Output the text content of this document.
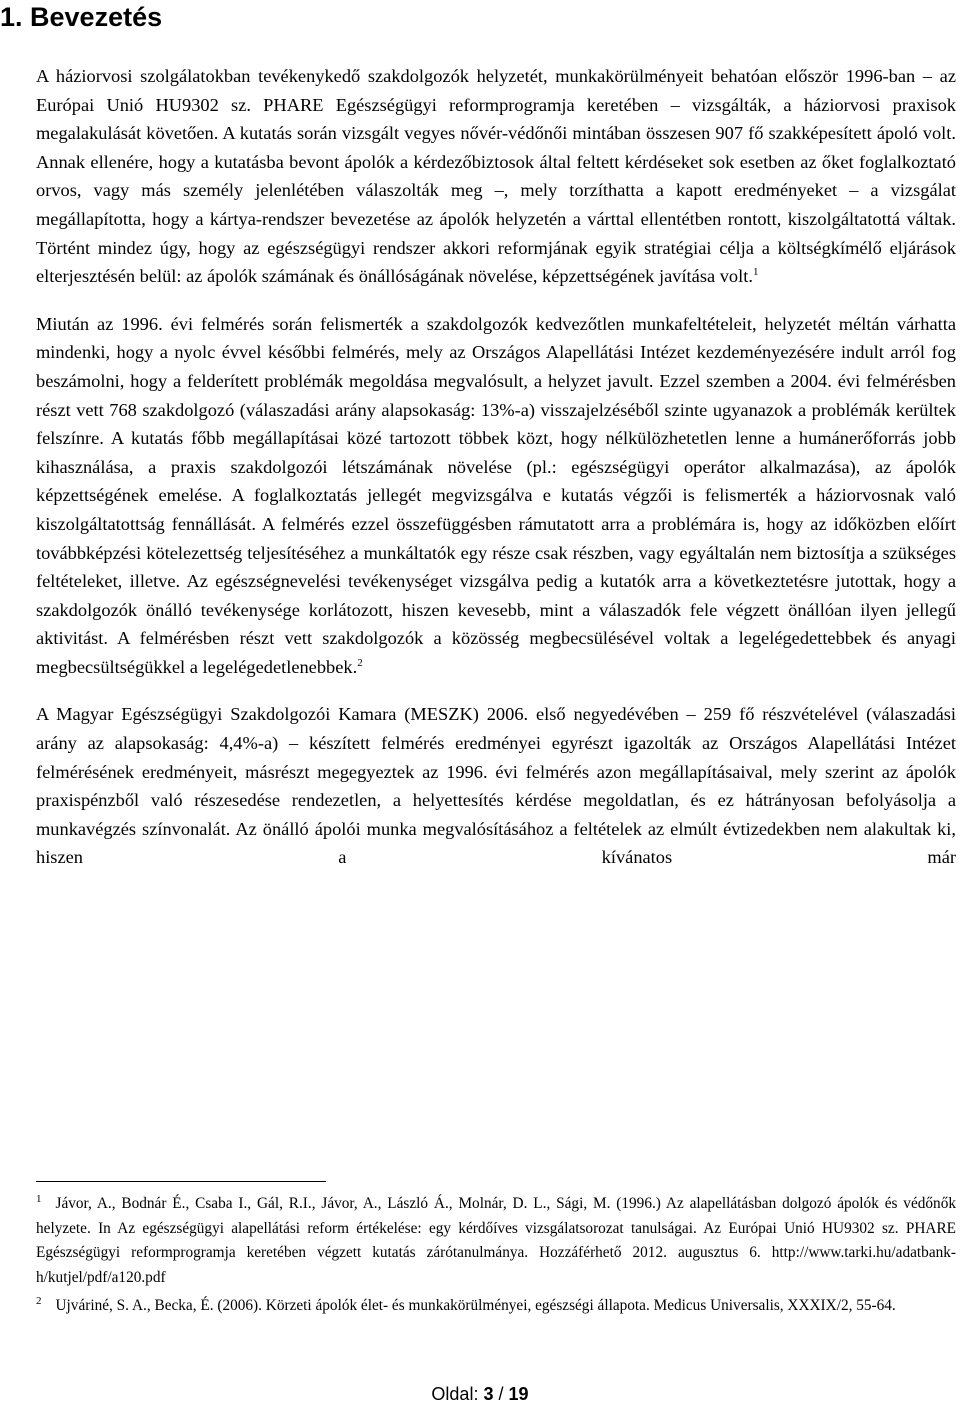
1. Bevezetés

A háziorvosi szolgálatokban tevékenykedő szakdolgozók helyzetét, munkakörülményeit behatóan először 1996-ban – az Európai Unió HU9302 sz. PHARE Egészségügyi reformprogramja keretében – vizsgálták, a háziorvosi praxisok megalakulását követően. A kutatás során vizsgált vegyes nővér-védőnői mintában összesen 907 fő szakképesített ápoló volt. Annak ellenére, hogy a kutatásba bevont ápolók a kérdezőbiztosok által feltett kérdéseket sok esetben az őket foglalkoztató orvos, vagy más személy jelenlétében válaszolták meg –, mely torzíthatta a kapott eredményeket – a vizsgálat megállapította, hogy a kártya-rendszer bevezetése az ápolók helyzetén a várttal ellentétben rontott, kiszolgáltatottá váltak. Történt mindez úgy, hogy az egészségügyi rendszer akkori reformjának egyik stratégiai célja a költségkímélő eljárások elterjesztésén belül: az ápolók számának és önállóságának növelése, képzettségének javítása volt.$^1$

Miután az 1996. évi felmérés során felismerték a szakdolgozók kedvezőtlen munkafeltételeit, helyzetét méltán várhatta mindenki, hogy a nyolc évvel későbbi felmérés, mely az Országos Alapellátási Intézet kezdeményezésére indult arról fog beszámolni, hogy a felderített problémák megoldása megvalósult, a helyzet javult. Ezzel szemben a 2004. évi felmérésben részt vett 768 szakdolgozó (válaszadási arány alapsokaság: 13%-a) visszajelzéséből szinte ugyanazok a problémák kerültek felszínre. A kutatás főbb megállapításai közé tartozott többek közt, hogy nélkülözhetetlen lenne a humánerőforrás jobb kihasználása, a praxis szakdolgozói létszámának növelése (pl.: egészségügyi operátor alkalmazása), az ápolók képzettségének emelése. A foglalkoztatás jellegét megvizsgálva e kutatás végzői is felismerték a háziorvosnak való kiszolgáltatottság fennállását. A felmérés ezzel összefüggésben rámutatott arra a problémára is, hogy az időközben előírt továbbképzési kötelezettség teljesítéséhez a munkáltatók egy része csak részben, vagy egyáltalán nem biztosítja a szükséges feltételeket, illetve. Az egészségnevelési tevékenységet vizsgálva pedig a kutatók arra a következtetésre jutottak, hogy a szakdolgozók önálló tevékenysége korlátozott, hiszen kevesebb, mint a válaszadók fele végzett önállóan ilyen jellegű aktivitást. A felmérésben részt vett szakdolgozók a közösség megbecsülésével voltak a legelégedettebbek és anyagi megbecsültségükkel a legelégedetlenebbek.$^2$

A Magyar Egészségügyi Szakdolgozói Kamara (MESZK) 2006. első negyedévében – 259 fő részvételével (válaszadási arány az alapsokaság: 4,4%-a) – készített felmérés eredményei egyrészt igazolták az Országos Alapellátási Intézet felmérésének eredményeit, másrészt megegyeztek az 1996. évi felmérés azon megállapításaival, mely szerint az ápolók praxispénzből való részesedése rendezetlen, a helyettesítés kérdése megoldatlan, és ez hátrányosan befolyásolja a munkavégzés színvonalát. Az önálló ápolói munka megvalósításához a feltételek az elmúlt évtizedekben nem alakultak ki, hiszen a kívánatos már

$^1$ Jávor, A., Bodnár É., Csaba I., Gál, R.I., Jávor, A., László Á., Molnár, D. L., Sági, M. (1996.) Az alapellátásban dolgozó ápolók és védőnők helyzete. In Az egészségügyi alapellátási reform értékelése: egy kérdőíves vizsgálatsorozat tanulságai. Az Európai Unió HU9302 sz. PHARE Egészségügyi reformprogramja keretében végzett kutatás zárótanulmánya. Hozzáférhető 2012. augusztus 6. http://www.tarki.hu/adatbank-h/kutjel/pdf/a120.pdf

$^2$ Ujváriné, S. A., Becka, É. (2006). Körzeti ápolók élet- és munkakörülményei, egészségi állapota. Medicus Universalis, XXXIX/2, 55-64.

Oldal: 3 / 19
